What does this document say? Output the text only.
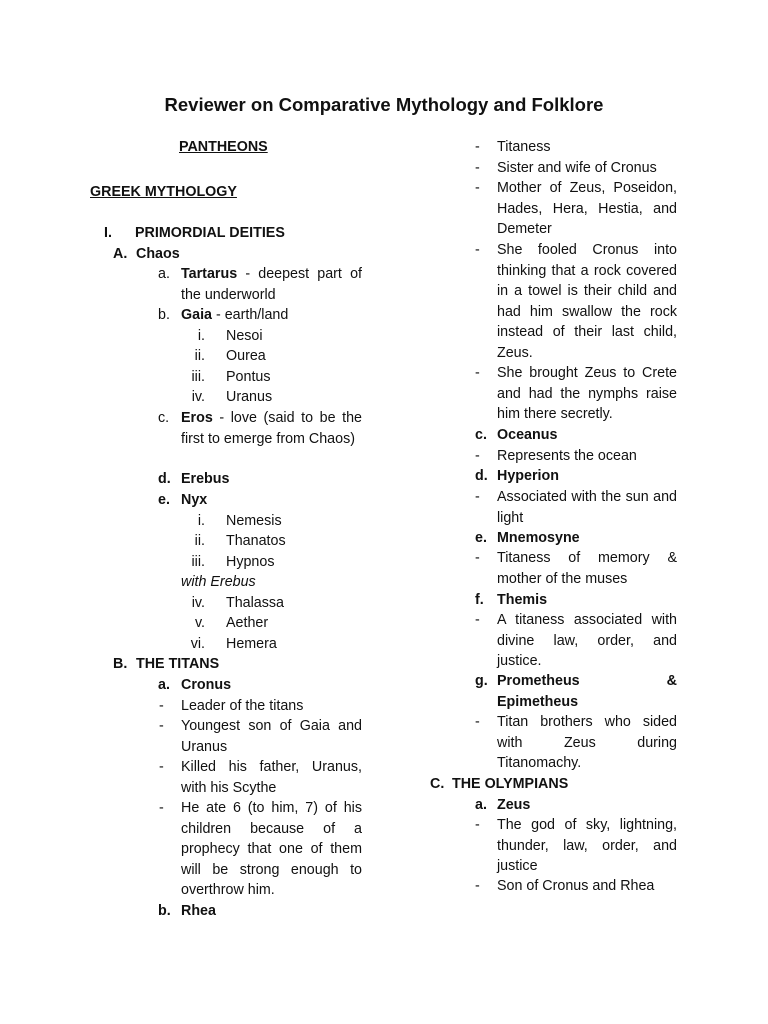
Reviewer on Comparative Mythology and Folklore
PANTHEONS
GREEK MYTHOLOGY
I. PRIMORDIAL DEITIES
A. Chaos
a. Tartarus - deepest part of the underworld
b. Gaia - earth/land
i. Nesoi
ii. Ourea
iii. Pontus
iv. Uranus
c. Eros - love (said to be the first to emerge from Chaos)
d. Erebus
e. Nyx
i. Nemesis
ii. Thanatos
iii. Hypnos
with Erebus
iv. Thalassa
v. Aether
vi. Hemera
B. THE TITANS
a. Cronus
- Leader of the titans
- Youngest son of Gaia and Uranus
- Killed his father, Uranus, with his Scythe
- He ate 6 (to him, 7) of his children because of a prophecy that one of them will be strong enough to overthrow him.
b. Rhea
- Titaness
- Sister and wife of Cronus
- Mother of Zeus, Poseidon, Hades, Hera, Hestia, and Demeter
- She fooled Cronus into thinking that a rock covered in a towel is their child and had him swallow the rock instead of their last child, Zeus.
- She brought Zeus to Crete and had the nymphs raise him there secretly.
c. Oceanus
- Represents the ocean
d. Hyperion
- Associated with the sun and light
e. Mnemosyne
- Titaness of memory & mother of the muses
f. Themis
- A titaness associated with divine law, order, and justice.
g. Prometheus &
Epimetheus
- Titan brothers who sided with Zeus during Titanomachy.
C. THE OLYMPIANS
a. Zeus
- The god of sky, lightning, thunder, law, order, and justice
- Son of Cronus and Rhea
